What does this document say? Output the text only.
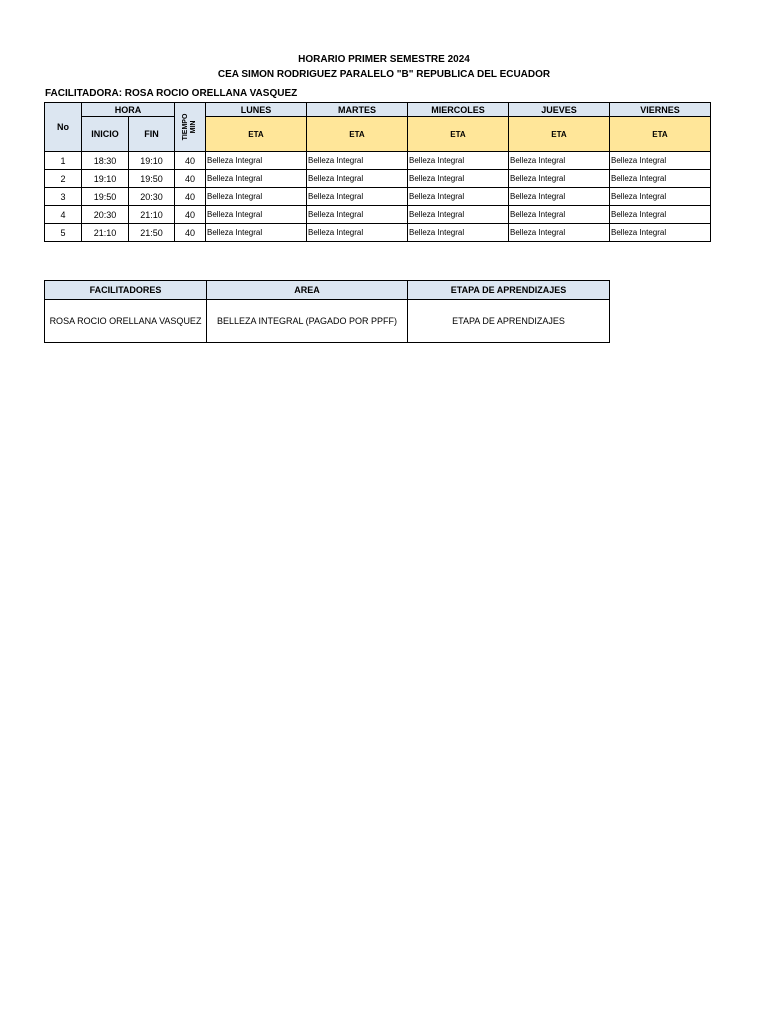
HORARIO PRIMER SEMESTRE 2024
CEA SIMON RODRIGUEZ PARALELO "B" REPUBLICA DEL ECUADOR
FACILITADORA: ROSA ROCIO ORELLANA VASQUEZ
No	HORA		TIEMPO MIN	LUNES	MARTES	MIERCOLES	JUEVES	VIERNES
	INICIO	FIN		ETA	ETA	ETA	ETA	ETA
1	18:30	19:10	40	Belleza Integral	Belleza Integral	Belleza Integral	Belleza Integral	Belleza Integral
2	19:10	19:50	40	Belleza Integral	Belleza Integral	Belleza Integral	Belleza Integral	Belleza Integral
3	19:50	20:30	40	Belleza Integral	Belleza Integral	Belleza Integral	Belleza Integral	Belleza Integral
4	20:30	21:10	40	Belleza Integral	Belleza Integral	Belleza Integral	Belleza Integral	Belleza Integral
5	21:10	21:50	40	Belleza Integral	Belleza Integral	Belleza Integral	Belleza Integral	Belleza Integral
FACILITADORES	AREA	ETAPA DE APRENDIZAJES
ROSA ROCIO ORELLANA VASQUEZ	BELLEZA INTEGRAL (PAGADO POR PPFF)	ETAPA DE APRENDIZAJES
